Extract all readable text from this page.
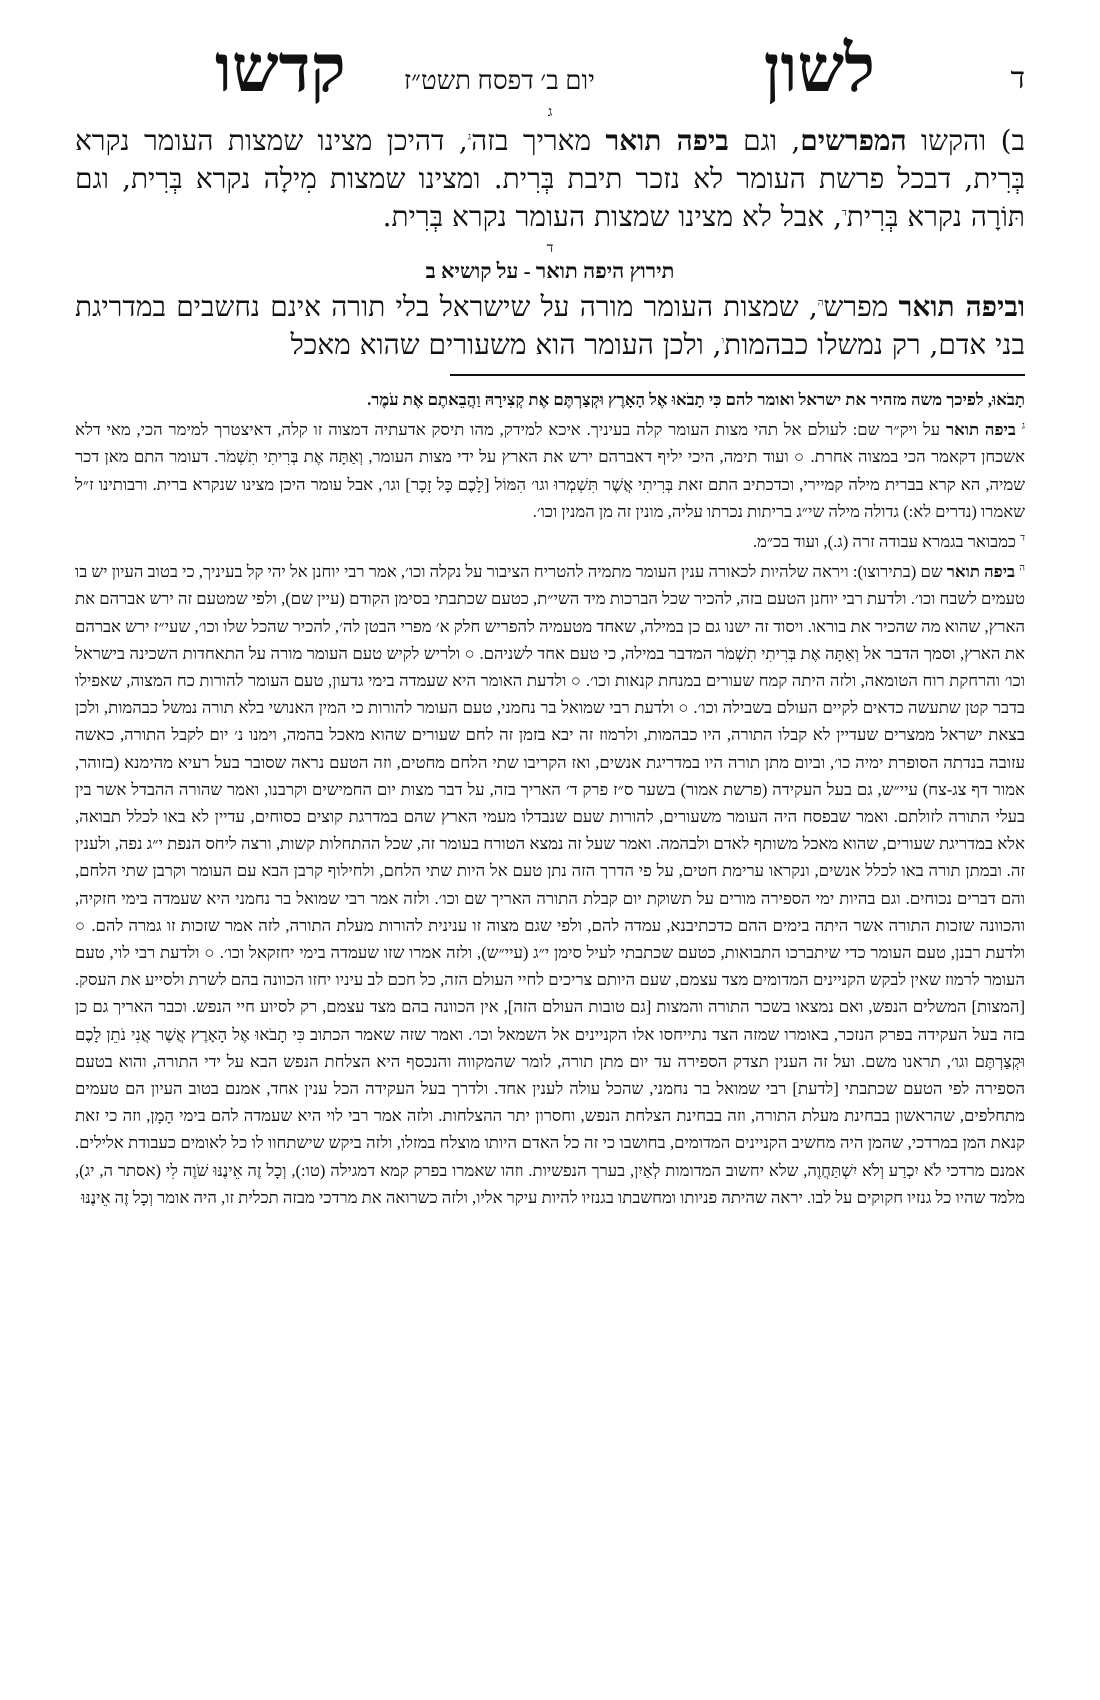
ד
לשון
יום ב׳ דפסח תשט״ז
קדשו
ג

ב) והקשו המפרשים, וגם ביפה תואר מאריך בזה$^ג$, דהיכן מצינו שמצות העומר נקרא בְּרִית, דבכל פרשת העומר לא נזכר תיבת בְּרִית. ומצינו שמצות מִילָה נקרא בְּרִית, וגם תּוֹרָה נקרא בְּרִית$^ד$, אבל לא מצינו שמצות העומר נקרא בְּרִית.

ד
תירוץ היפה תואר - על קושיא ב

וביפה תואר מפרש$^ה$, שמצות העומר מורה על שישראל בלי תורה אינם נחשבים במדריגת בני אדם, רק נמשלו כבהמות$^ו$, ולכן העומר הוא משעורים שהוא מאכל

תָבֹאוּ, לפיכך משה מזהיר את ישראל ואומר להם כִּי תָבֹאוּ אֶל הָאָרֶץ וּקְצַרְתֶּם אֶת קְצִירָהּ וַהֲבֵאתֶם אֶת עֹמֶר.

$^ג$ ביפה תואר על ויק״ר שם: לעולם אל תהי מצות העומר קלה בעיניך. איכא למידק, מהו תיסק אדעתיה דמצוה זו קלה, דאיצטרך למימר הכי, מאי דלא אשכחן דקאמר הכי במצוה אחרת. ○ ועוד תימה, היכי יליף דאברהם ירש את הארץ על ידי מצות העומר, וְאַתָּה אֶת בְּרִיתִי תִשְׁמֹר. דעומר התם מאן דכר שמיה, הא קרא בברית מילה קמיירי, וכדכתיב התם זאת בְּרִיתִי אֲשֶׁר תִּשְׁמְרוּ וגו׳ הִמּוֹל [לָכֶם כָּל זָכָר] וגו׳, אבל עומר היכן מצינו שנקרא ברית. ורבותינו ז״ל שאמרו (נדרים לא:) גדולה מילה שי״ג בריתות נכרתו עליה, מונין זה מן המנין וכו׳.

$^ד$ כמבואר בגמרא עבודה זרה (ג.), ועוד בכ״מ.

$^ה$ ביפה תואר שם (בתירוצו): ויראה שלהיות לכאורה ענין העומר מתמיה להטריח הציבור על נקלה וכו׳, אמר רבי יוחנן אל יהי קל בעיניך, כי בטוב העיון יש בו טעמים לשבח וכו׳. ולדעת רבי יוחנן הטעם בזה, להכיר שכל הברכות מיד השי״ת, כטעם שכתבתי בסימן הקודם (עיין שם), ולפי שמטעם זה ירש אברהם את הארץ, שהוא מה שהכיר את בוראו. ויסוד זה ישנו גם כן במילה, שאחד מטעמיה להפריש חלק א׳ מפרי הבטן לה׳, להכיר שהכל שלו וכו׳, שעי״ז ירש אברהם את הארץ, וסמך הדבר אל וְאַתָּה אֶת בְּרִיתִי תִשְׁמֹר המדבר במילה, כי טעם אחד לשניהם. ○ ולריש לקיש טעם העומר מורה על התאחדות השכינה בישראל וכו׳ והרחקת רוח הטומאה, ולזה היתה קמח שעורים במנחת קנאות וכו׳. ○ ולדעת האומר היא שעמדה בימי גדעון, טעם העומר להורות כח המצוה, שאפילו בדבר קטן שתעשה כדאים לקיים העולם בשבילה וכו׳. ○ ולדעת רבי שמואל בר נחמני, טעם העומר להורות כי המין האנושי בלא תורה נמשל כבהמות, ולכן בצאת ישראל ממצרים שעדיין לא קבלו התורה, היו כבהמות, ולרמוז זה יבא בזמן זה לחם שעורים שהוא מאכל בהמה, וימנו נ׳ יום לקבל התורה, כאשה עזובה בנדתה הסופרת ימיה כו׳, וביום מתן תורה היו במדריגת אנשים, ואז הקריבו שתי הלחם מחטים, וזה הטעם נראה שסובר בעל רעיא מהימנא (בזוהר, אמור דף צג-צח) עיי״ש, גם בעל העקידה (פרשת אמור) בשער ס״ז פרק ד׳ האריך בזה, על דבר מצות יום החמישים וקרבנו, ואמר שהורה ההבדל אשר בין בעלי התורה לזולתם. ואמר שבפסח היה העומר משעורים, להורות שעם שנבדלו מעמי הארץ שהם במדרגת קוצים כסוחים, עדיין לא באו לכלל תבואה, אלא במדריגת שעורים, שהוא מאכל משותף לאדם ולבהמה. ואמר שעל זה נמצא הטורח בעומר זה, שכל ההתחלות קשות, ורצה ליחס הנפת י״ג נפה, ולענין זה. ובמתן תורה באו לכלל אנשים, ונקראו ערימת חטים, על פי הדרך הזה נתן טעם אל היות שתי הלחם, ולחילוף קרבן הבא עם העומר וקרבן שתי הלחם, והם דברים נכוחים. וגם בהיות ימי הספירה מורים על תשוקת יום קבלת התורה האריך שם וכו׳. ולזה אמר רבי שמואל בר נחמני היא שעמדה בימי חזקיה, והכוונה שזכות התורה אשר היתה בימים ההם כדכתיבנא, עמדה להם, ולפי שגם מצוה זו ענינית להורות מעלת התורה, לזה אמר שזכות זו גמרה להם. ○ ולדעת רבנן, טעם העומר כדי שיתברכו התבואות, כטעם שכתבתי לעיל סימן י״ג (עיי״ש), ולזה אמרו שזו שעמדה בימי יחזקאל וכו׳. ○ ולדעת רבי לוי, טעם העומר לרמוז שאין לבקש הקניינים המדומים מצד עצמם, שעם היותם צריכים לחיי העולם הזה, כל חכם לב עיניו יחזו הכוונה בהם לשרת ולסייע את העסק. [המצות] המשלים הנפש, ואם נמצאו בשכר התורה והמצות [גם טובות העולם הזה], אין הכוונה בהם מצד עצמם, רק לסיוע חיי הנפש. וכבר האריך גם כן בזה בעל העקידה בפרק הנזכר, באומרו שמזה הצד נתייחסו אלו הקניינים אל השמאל וכו׳. ואמר שזה שאמר הכתוב כִּי תָבֹאוּ אֶל הָאָרֶץ אֲשֶׁר אֲנִי נֹתֵן לָכֶם וּקְצַרְתֶּם וגו׳, תראנו משם. ועל זה הענין תצדק הספירה עד יום מתן תורה, לומר שהמקווה והנכסף היא הצלחת הנפש הבא על ידי התורה, והוא בטעם הספירה לפי הטעם שכתבתי [לדעת] רבי שמואל בר נחמני, שהכל עולה לענין אחד. ולדרך בעל העקידה הכל ענין אחד, אמנם בטוב העיון הם טעמים מתחלפים, שהראשון בבחינת מעלת התורה, וזה בבחינת הצלחת הנפש, וחסרון יתר ההצלחות. ולזה אמר רבי לוי היא שעמדה להם בימי הָמָן, וזה כי זאת קנאת המן במרדכי, שהמן היה מחשיב הקניינים המדומים, בחושבו כי זה כל האדם היותו מוצלח במזלו, ולזה ביקש שישתחוו לו כל לאומים כעבודת אלילים. אמנם מרדכי לֹא יִכְרַע וְלֹא יִשְׁתַּחֲוֶה, שלא יחשוב המדומות לְאַיִן, בערך הנפשיות. וזהו שאמרו בפרק קמא דמגילה (טו:), וְכָל זֶה אֵינֶנּוּ שֹׁוֶה לִי (אסתר ה, יג), מלמד שהיו כל גנזיו חקוקים על לבו. יראה שהיתה פניותו ומחשבתו בגנזיו להיות עיקר אליו, ולזה כשרואה את מרדכי מבזה תכלית זו, היה אומר וְכָל זֶה אֵינֶנּוּ
